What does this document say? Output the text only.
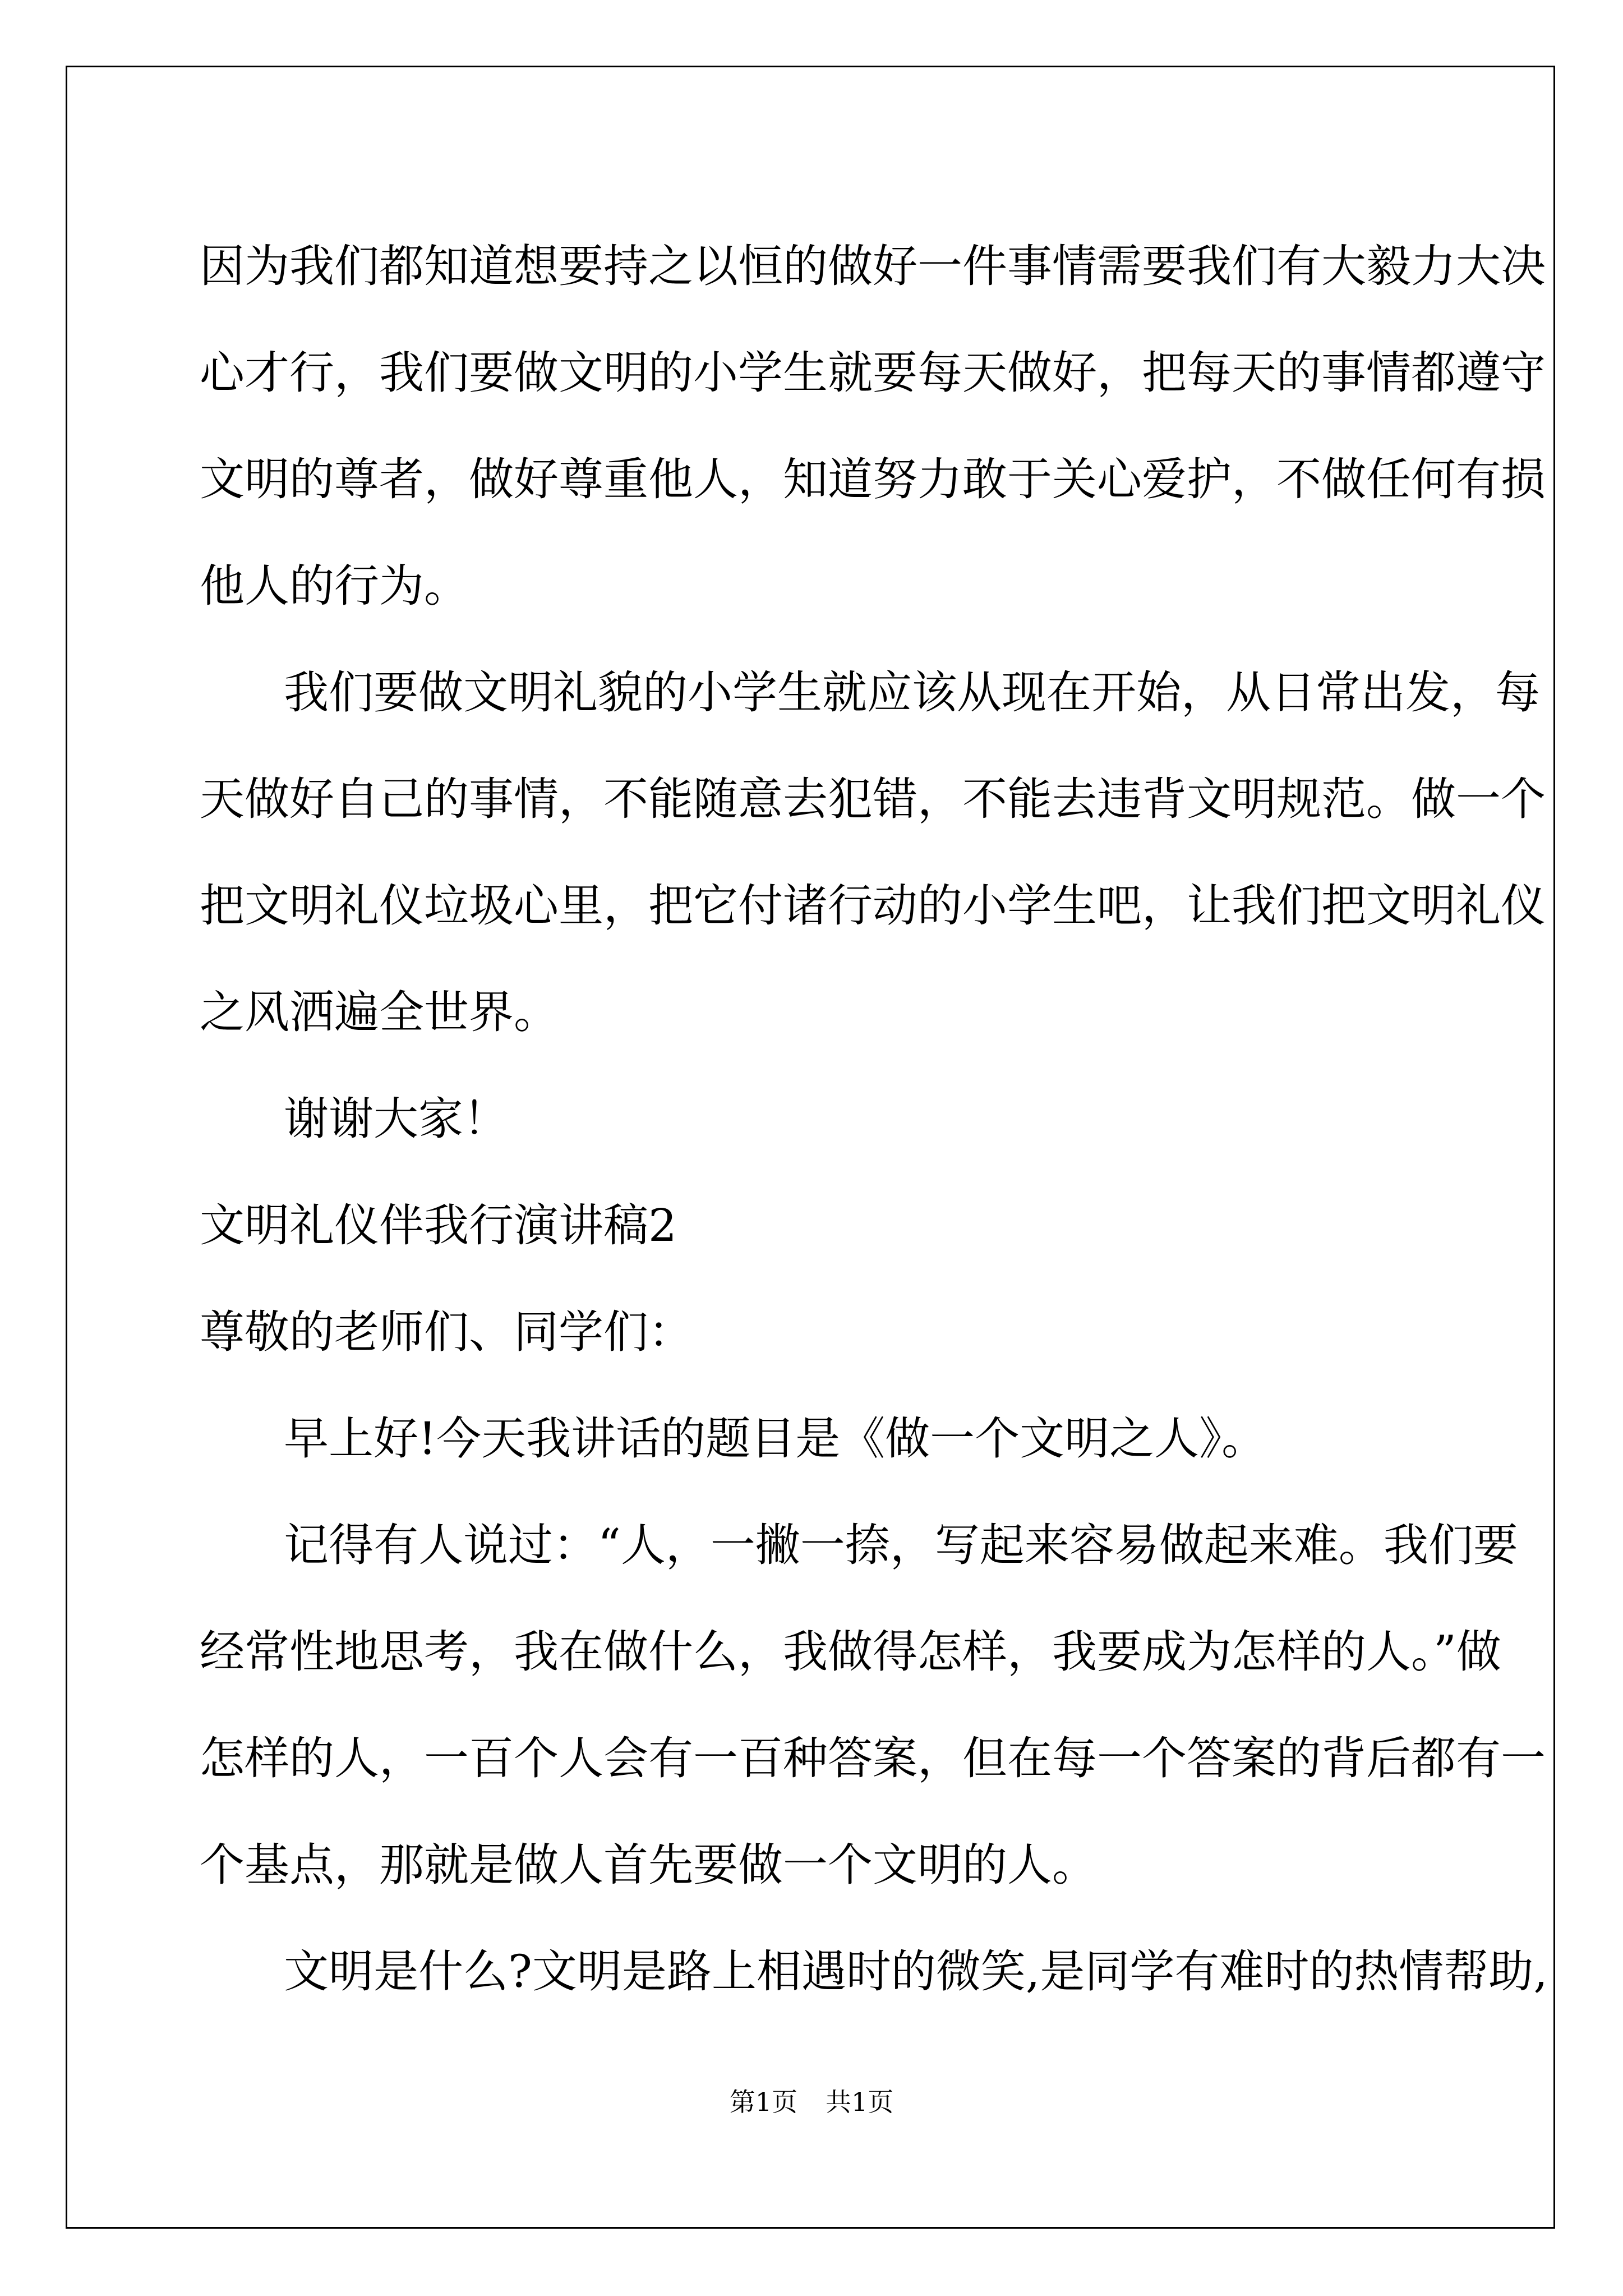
因为我们都知道想要持之以恒的做好一件事情需要我们有大毅力大决

心才行，我们要做文明的小学生就要每天做好，把每天的事情都遵守

文明的尊者，做好尊重他人，知道努力敢于关心爱护，不做任何有损

他人的行为。

我们要做文明礼貌的小学生就应该从现在开始，从日常出发，每

天做好自己的事情，不能随意去犯错，不能去违背文明规范。做一个

把文明礼仪垃圾心里，把它付诸行动的小学生吧，让我们把文明礼仪

之风洒遍全世界。

谢谢大家！

文明礼仪伴我行演讲稿2

尊敬的老师们、同学们：

早上好!今天我讲话的题目是《做一个文明之人》。

记得有人说过：“人，一撇一捺，写起来容易做起来难。我们要

经常性地思考，我在做什么，我做得怎样，我要成为怎样的人。”做

怎样的人，一百个人会有一百种答案，但在每一个答案的背后都有一

个基点，那就是做人首先要做一个文明的人。

文明是什么?文明是路上相遇时的微笑,是同学有难时的热情帮助,

第1页 共1页
